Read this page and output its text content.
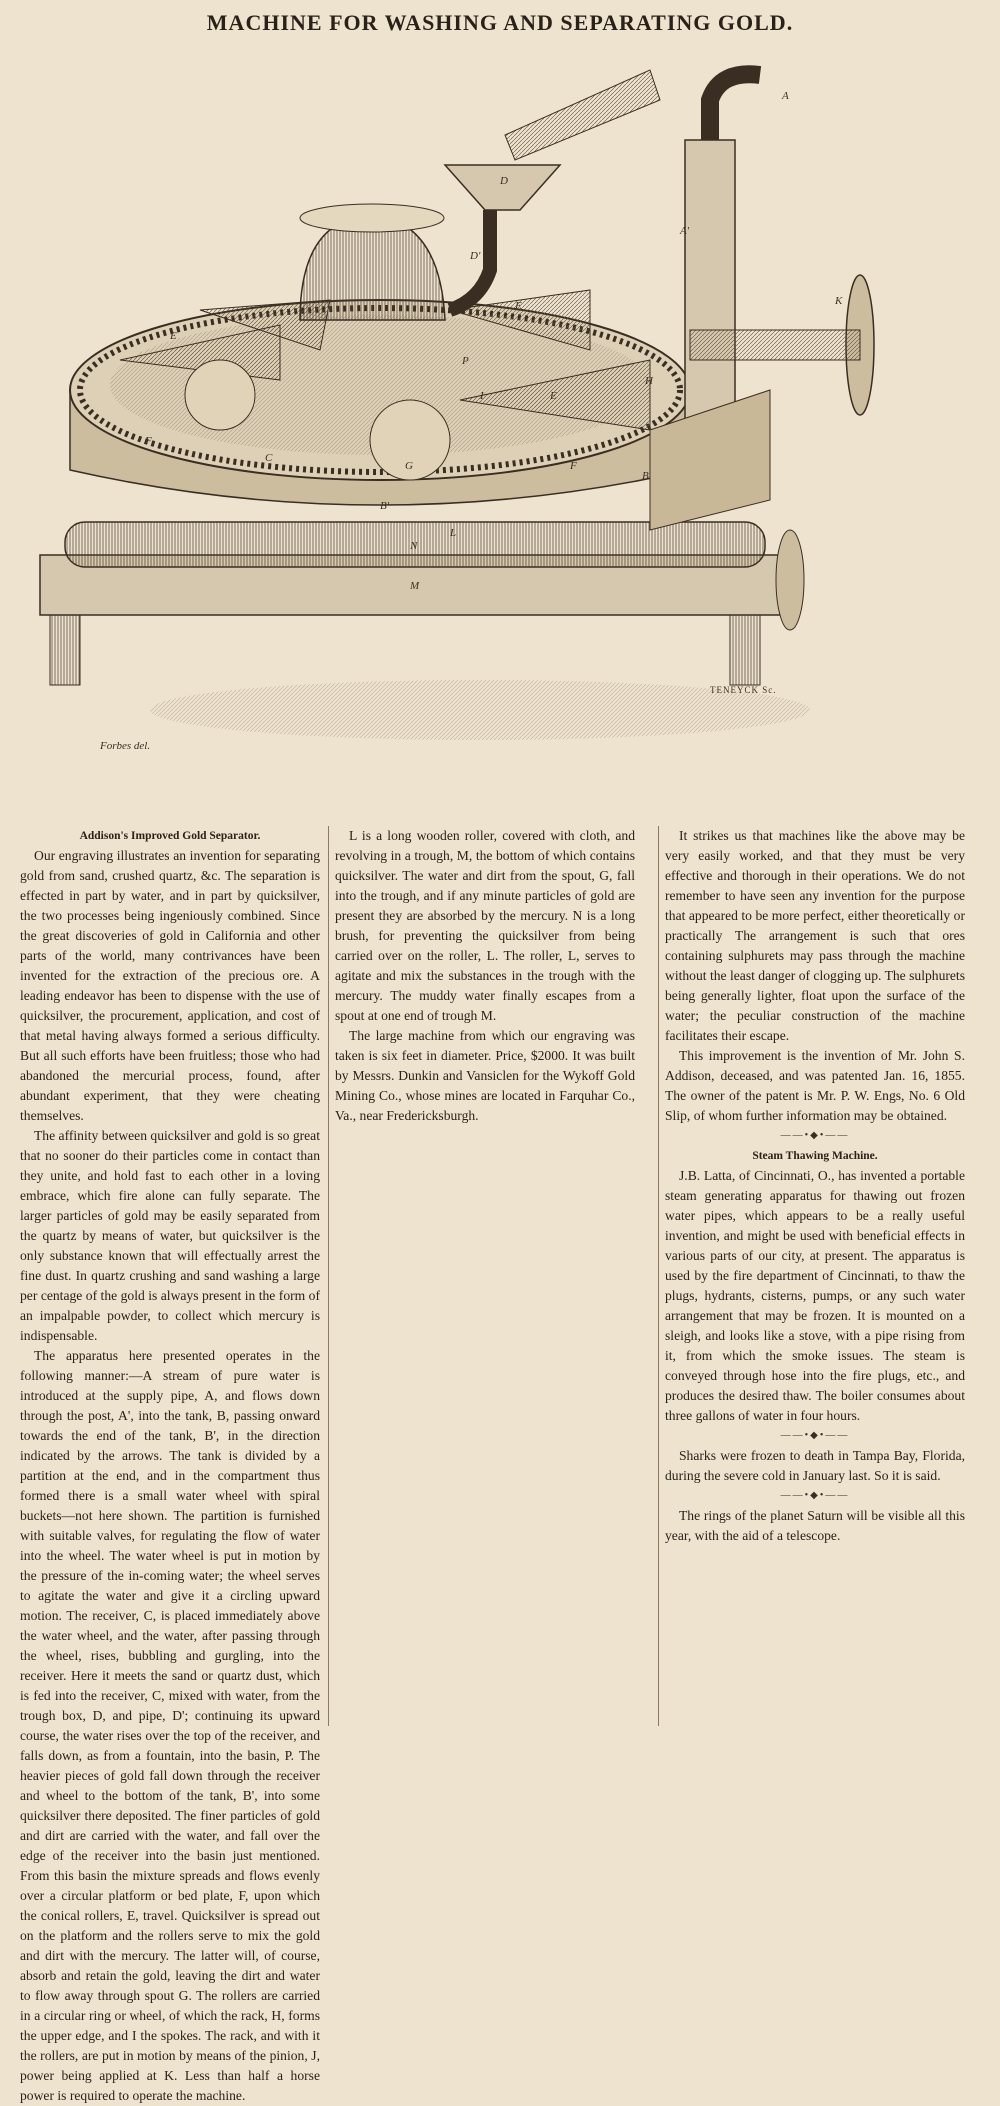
MACHINE FOR WASHING AND SEPARATING GOLD.
A
A'
D
D'
E
E
E
P
F
F
C
B
B'
G
H
I
K
L
N
M
TENEYCK Sc.
Forbes del.

Addison's Improved Gold Separator.

Our engraving illustrates an invention for separating gold from sand, crushed quartz, &c. The separation is effected in part by water, and in part by quicksilver, the two processes being ingeniously combined. Since the great discoveries of gold in California and other parts of the world, many contrivances have been invented for the extraction of the precious ore. A leading endeavor has been to dispense with the use of quicksilver, the procurement, application, and cost of that metal having always formed a serious difficulty. But all such efforts have been fruitless; those who had abandoned the mercurial process, found, after abundant experiment, that they were cheating themselves.

The affinity between quicksilver and gold is so great that no sooner do their particles come in contact than they unite, and hold fast to each other in a loving embrace, which fire alone can fully separate. The larger particles of gold may be easily separated from the quartz by means of water, but quicksilver is the only substance known that will effectually arrest the fine dust. In quartz crushing and sand washing a large per centage of the gold is always present in the form of an impalpable powder, to collect which mercury is indispensable.

The apparatus here presented operates in the following manner:—A stream of pure water is introduced at the supply pipe, A, and flows down through the post, A', into the tank, B, passing onward towards the end of the tank, B', in the direction indicated by the arrows. The tank is divided by a partition at the end, and in the compartment thus formed there is a small water wheel with spiral buckets—not here shown. The partition is furnished with suitable valves, for regulating the flow of water into the wheel. The water wheel is put in motion by the pressure of the in-coming water; the wheel serves to agitate the water and give it a circling upward motion. The receiver, C, is placed immediately above the water wheel, and the water, after passing through the wheel, rises, bubbling and gurgling, into the receiver. Here it meets the sand or quartz dust, which is fed into the receiver, C, mixed with water, from the trough box, D, and pipe, D'; continuing its upward course, the water rises over the top of the receiver, and falls down, as from a fountain, into the basin, P. The heavier pieces of gold fall down through the receiver and wheel to the bottom of the tank, B', into some quicksilver there deposited. The finer particles of gold and dirt are carried with the water, and fall over the edge of the receiver into the basin just mentioned. From this basin the mixture spreads and flows evenly over a circular platform or bed plate, F, upon which the conical rollers, E, travel. Quicksilver is spread out on the platform and the rollers serve to mix the gold and dirt with the mercury. The latter will, of course, absorb and retain the gold, leaving the dirt and water to flow away through spout G. The rollers are carried in a circular ring or wheel, of which the rack, H, forms the upper edge, and I the spokes. The rack, and with it the rollers, are put in motion by means of the pinion, J, power being applied at K. Less than half a horse power is required to operate the machine.

L is a long wooden roller, covered with cloth, and revolving in a trough, M, the bottom of which contains quicksilver. The water and dirt from the spout, G, fall into the trough, and if any minute particles of gold are present they are absorbed by the mercury. N is a long brush, for preventing the quicksilver from being carried over on the roller, L. The roller, L, serves to agitate and mix the substances in the trough with the mercury. The muddy water finally escapes from a spout at one end of trough M.

The large machine from which our engraving was taken is six feet in diameter. Price, $2000. It was built by Messrs. Dunkin and Vansiclen for the Wykoff Gold Mining Co., whose mines are located in Farquhar Co., Va., near Fredericksburgh.

It strikes us that machines like the above may be very easily worked, and that they must be very effective and thorough in their operations. We do not remember to have seen any invention for the purpose that appeared to be more perfect, either theoretically or practically The arrangement is such that ores containing sulphurets may pass through the machine without the least danger of clogging up. The sulphurets being generally lighter, float upon the surface of the water; the peculiar construction of the machine facilitates their escape.

This improvement is the invention of Mr. John S. Addison, deceased, and was patented Jan. 16, 1855. The owner of the patent is Mr. P. W. Engs, No. 6 Old Slip, of whom further information may be obtained.

——•◆•——

Steam Thawing Machine.

J.B. Latta, of Cincinnati, O., has invented a portable steam generating apparatus for thawing out frozen water pipes, which appears to be a really useful invention, and might be used with beneficial effects in various parts of our city, at present. The apparatus is used by the fire department of Cincinnati, to thaw the plugs, hydrants, cisterns, pumps, or any such water arrangement that may be frozen. It is mounted on a sleigh, and looks like a stove, with a pipe rising from it, from which the smoke issues. The steam is conveyed through hose into the fire plugs, etc., and produces the desired thaw. The boiler consumes about three gallons of water in four hours.

——•◆•——

Sharks were frozen to death in Tampa Bay, Florida, during the severe cold in January last. So it is said.

——•◆•——

The rings of the planet Saturn will be visible all this year, with the aid of a telescope.
